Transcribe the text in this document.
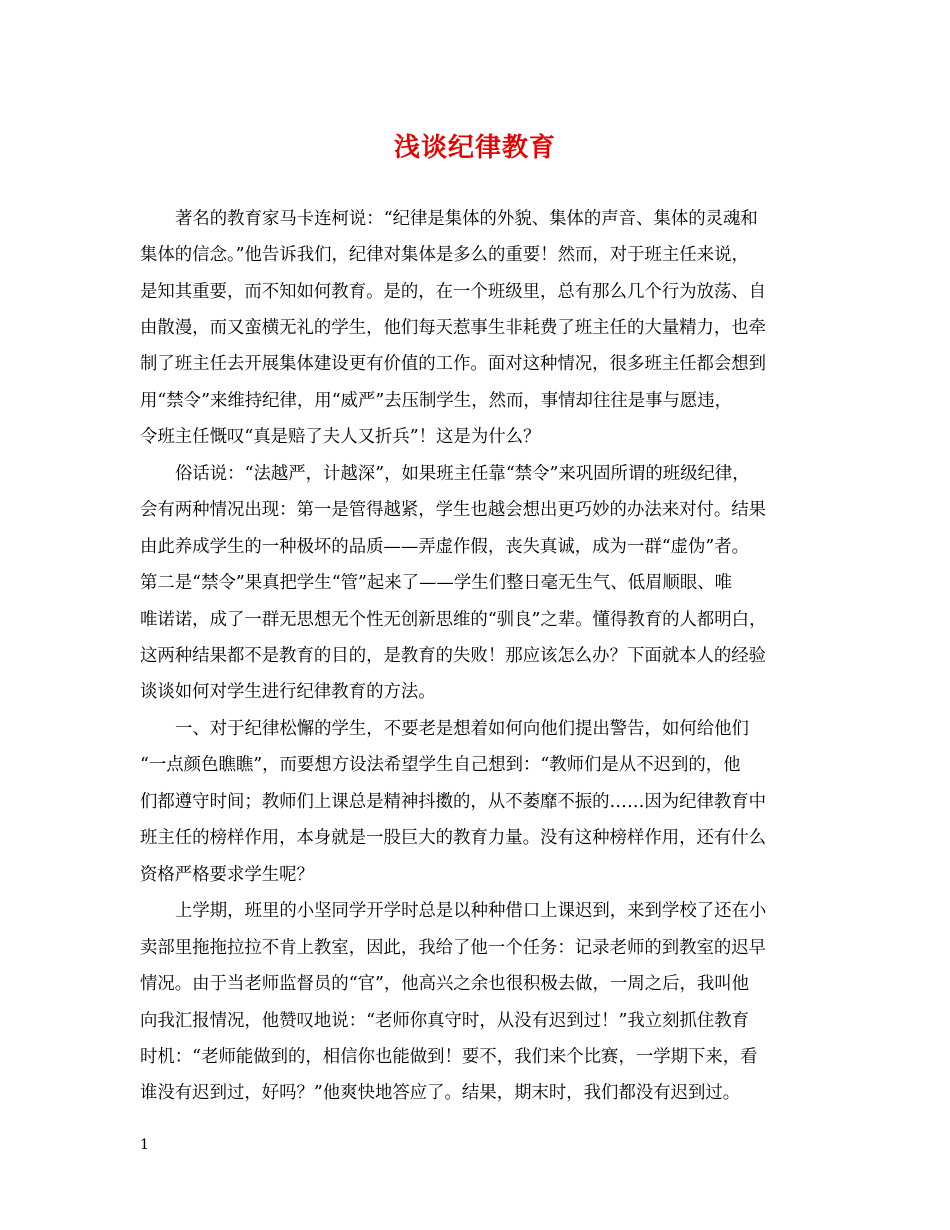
浅谈纪律教育
著名的教育家马卡连柯说：“纪律是集体的外貌、集体的声音、集体的灵魂和
集体的信念。”他告诉我们，纪律对集体是多么的重要！然而，对于班主任来说，
是知其重要，而不知如何教育。是的，在一个班级里，总有那么几个行为放荡、自
由散漫，而又蛮横无礼的学生，他们每天惹事生非耗费了班主任的大量精力，也牵
制了班主任去开展集体建设更有价值的工作。面对这种情况，很多班主任都会想到
用“禁令”来维持纪律，用“威严”去压制学生，然而，事情却往往是事与愿违，
令班主任慨叹“真是赔了夫人又折兵”！这是为什么？
俗话说：“法越严，计越深”，如果班主任靠“禁令”来巩固所谓的班级纪律，
会有两种情况出现：第一是管得越紧，学生也越会想出更巧妙的办法来对付。结果
由此养成学生的一种极坏的品质——弄虚作假，丧失真诚，成为一群“虚伪”者。
第二是“禁令”果真把学生“管”起来了——学生们整日毫无生气、低眉顺眼、唯
唯诺诺，成了一群无思想无个性无创新思维的“驯良”之辈。懂得教育的人都明白，
这两种结果都不是教育的目的，是教育的失败！那应该怎么办？下面就本人的经验
谈谈如何对学生进行纪律教育的方法。
一、对于纪律松懈的学生，不要老是想着如何向他们提出警告，如何给他们
“一点颜色瞧瞧”，而要想方设法希望学生自己想到：“教师们是从不迟到的，他
们都遵守时间；教师们上课总是精神抖擞的，从不萎靡不振的……因为纪律教育中
班主任的榜样作用，本身就是一股巨大的教育力量。没有这种榜样作用，还有什么
资格严格要求学生呢？
上学期，班里的小坚同学开学时总是以种种借口上课迟到，来到学校了还在小
卖部里拖拖拉拉不肯上教室，因此，我给了他一个任务：记录老师的到教室的迟早
情况。由于当老师监督员的“官”，他高兴之余也很积极去做，一周之后，我叫他
向我汇报情况，他赞叹地说：“老师你真守时，从没有迟到过！”我立刻抓住教育
时机：“老师能做到的，相信你也能做到！要不，我们来个比赛，一学期下来，看
谁没有迟到过，好吗？”他爽快地答应了。结果，期末时，我们都没有迟到过。
1
